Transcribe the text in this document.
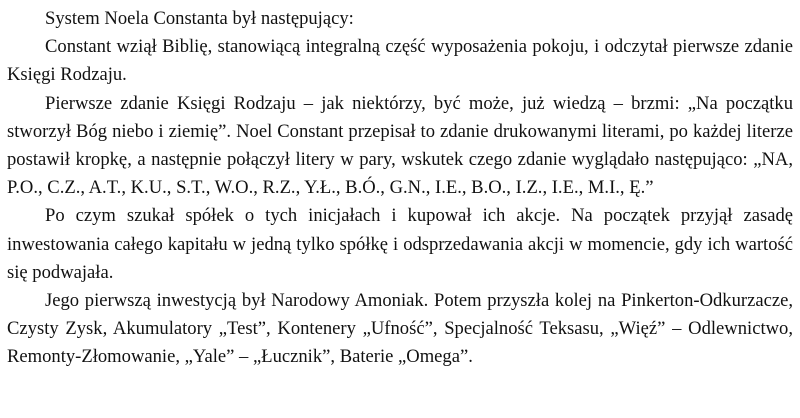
System Noela Constanta był następujący:

Constant wziął Biblię, stanowiącą integralną część wyposażenia pokoju, i odczytał pierwsze zdanie Księgi Rodzaju.

Pierwsze zdanie Księgi Rodzaju – jak niektórzy, być może, już wiedzą – brzmi: „Na początku stworzył Bóg niebo i ziemię”. Noel Constant przepisał to zdanie drukowanymi literami, po każdej literze postawił kropkę, a następnie połączył litery w pary, wskutek czego zdanie wyglądało następująco: „NA, P.O., C.Z., A.T., K.U., S.T., W.O., R.Z., Y.Ł., B.Ó., G.N., I.E., B.O., I.Z., I.E., M.I., Ę.”

Po czym szukał spółek o tych inicjałach i kupował ich akcje. Na początek przyjął zasadę inwestowania całego kapitału w jedną tylko spółkę i odsprzedawania akcji w momencie, gdy ich wartość się podwajała.

Jego pierwszą inwestycją był Narodowy Amoniak. Potem przyszła kolej na Pinkerton-Odkurzacze, Czysty Zysk, Akumulatory „Test”, Kontenery „Ufność”, Specjalność Teksasu, „Więź” – Odlewnictwo, Remonty-Złomowanie, „Yale” – „Łucznik”, Baterie „Omega”.
